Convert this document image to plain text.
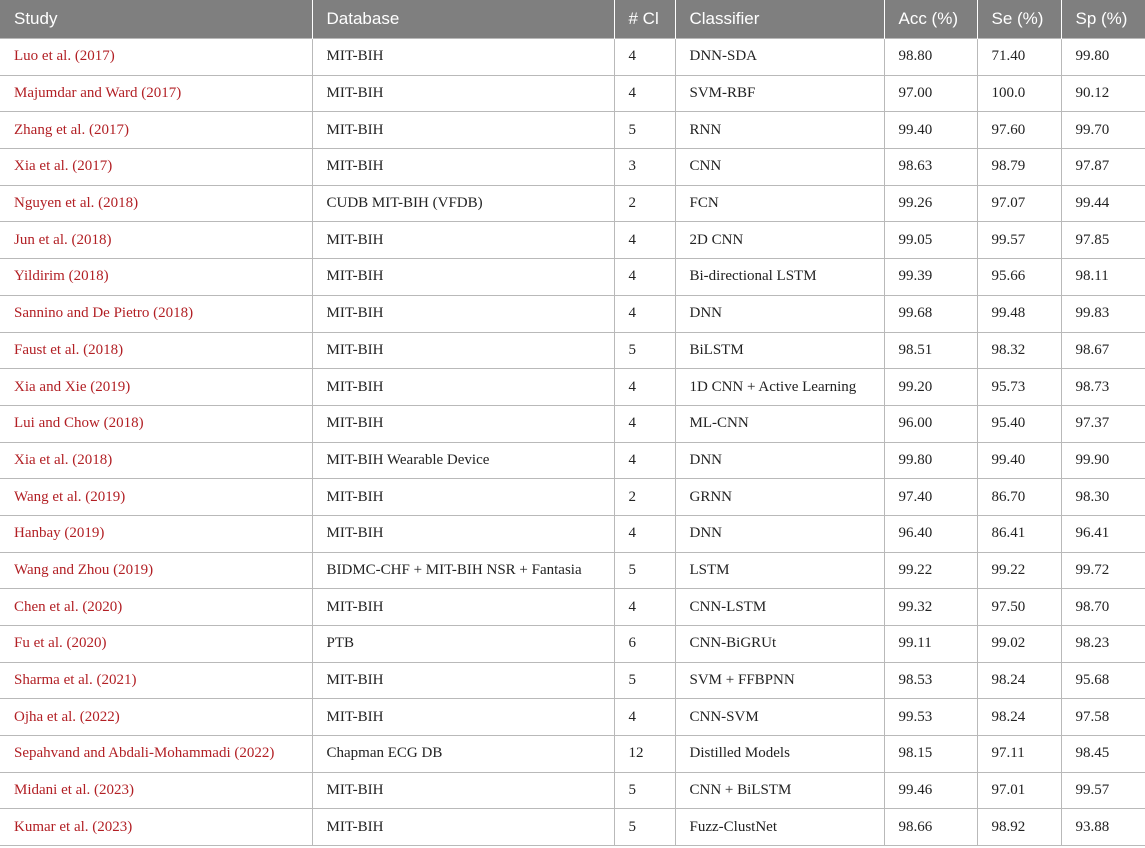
Study	Database	# Cl	Classifier	Acc (%)	Se (%)	Sp (%)
Luo et al. (2017)	MIT-BIH	4	DNN-SDA	98.80	71.40	99.80
Majumdar and Ward (2017)	MIT-BIH	4	SVM-RBF	97.00	100.0	90.12
Zhang et al. (2017)	MIT-BIH	5	RNN	99.40	97.60	99.70
Xia et al. (2017)	MIT-BIH	3	CNN	98.63	98.79	97.87
Nguyen et al. (2018)	CUDB MIT-BIH (VFDB)	2	FCN	99.26	97.07	99.44
Jun et al. (2018)	MIT-BIH	4	2D CNN	99.05	99.57	97.85
Yildirim (2018)	MIT-BIH	4	Bi-directional LSTM	99.39	95.66	98.11
Sannino and De Pietro (2018)	MIT-BIH	4	DNN	99.68	99.48	99.83
Faust et al. (2018)	MIT-BIH	5	BiLSTM	98.51	98.32	98.67
Xia and Xie (2019)	MIT-BIH	4	1D CNN + Active Learning	99.20	95.73	98.73
Lui and Chow (2018)	MIT-BIH	4	ML-CNN	96.00	95.40	97.37
Xia et al. (2018)	MIT-BIH Wearable Device	4	DNN	99.80	99.40	99.90
Wang et al. (2019)	MIT-BIH	2	GRNN	97.40	86.70	98.30
Hanbay (2019)	MIT-BIH	4	DNN	96.40	86.41	96.41
Wang and Zhou (2019)	BIDMC-CHF + MIT-BIH NSR + Fantasia	5	LSTM	99.22	99.22	99.72
Chen et al. (2020)	MIT-BIH	4	CNN-LSTM	99.32	97.50	98.70
Fu et al. (2020)	PTB	6	CNN-BiGRUt	99.11	99.02	98.23
Sharma et al. (2021)	MIT-BIH	5	SVM + FFBPNN	98.53	98.24	95.68
Ojha et al. (2022)	MIT-BIH	4	CNN-SVM	99.53	98.24	97.58
Sepahvand and Abdali-Mohammadi (2022)	Chapman ECG DB	12	Distilled Models	98.15	97.11	98.45
Midani et al. (2023)	MIT-BIH	5	CNN + BiLSTM	99.46	97.01	99.57
Kumar et al. (2023)	MIT-BIH	5	Fuzz-ClustNet	98.66	98.92	93.88
